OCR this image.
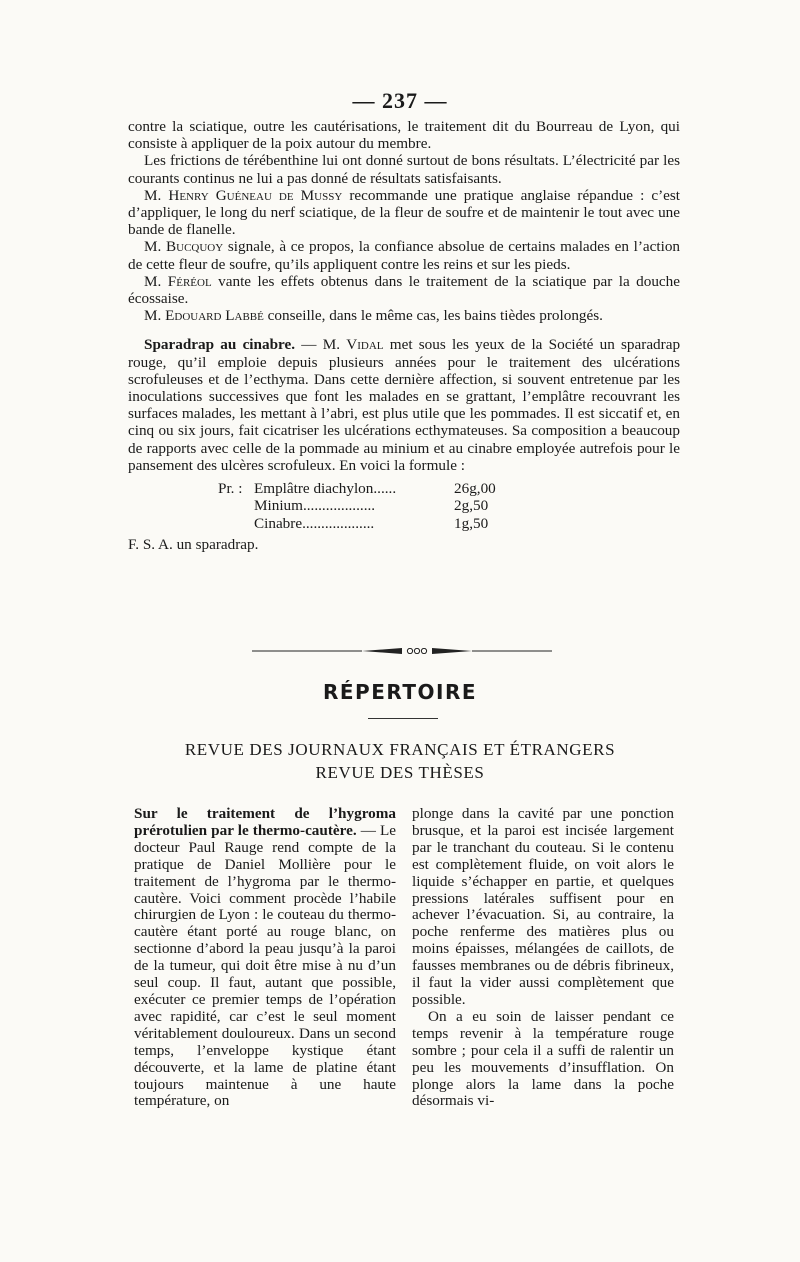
— 237 —

contre la sciatique, outre les cautérisations, le traitement dit du Bourreau de Lyon, qui consiste à appliquer de la poix autour du membre.

Les frictions de térébenthine lui ont donné surtout de bons résultats. L’électricité par les courants continus ne lui a pas donné de résultats satisfaisants.

M. Henry Guéneau de Mussy recommande une pratique anglaise répandue : c’est d’appliquer, le long du nerf sciatique, de la fleur de soufre et de maintenir le tout avec une bande de flanelle.

M. Bucquoy signale, à ce propos, la confiance absolue de certains malades en l’action de cette fleur de soufre, qu’ils appliquent contre les reins et sur les pieds.

M. Féréol vante les effets obtenus dans le traitement de la sciatique par la douche écossaise.

M. Edouard Labbé conseille, dans le même cas, les bains tièdes prolongés.

Sparadrap au cinabre. — M. Vidal met sous les yeux de la Société un sparadrap rouge, qu’il emploie depuis plusieurs années pour le traitement des ulcérations scrofuleuses et de l’ecthyma. Dans cette dernière affection, si souvent entretenue par les inoculations successives que font les malades en se grattant, l’emplâtre recouvrant les surfaces malades, les mettant à l’abri, est plus utile que les pommades. Il est siccatif et, en cinq ou six jours, fait cicatriser les ulcérations ecthymateuses. Sa composition a beaucoup de rapports avec celle de la pommade au minium et au cinabre employée autrefois pour le pansement des ulcères scrofuleux. En voici la formule :

Pr. : Emplâtre diachylon......	26g,00
Minium...................	2g,50
Cinabre...................	1g,50

F. S. A. un sparadrap.

RÉPERTOIRE
REVUE DES JOURNAUX FRANÇAIS ET ÉTRANGERS
REVUE DES THÈSES

Sur le traitement de l’hygroma prérotulien par le thermo-cautère. — Le docteur Paul Rauge rend compte de la pratique de Daniel Mollière pour le traitement de l’hygroma par le thermo-cautère. Voici comment procède l’habile chirurgien de Lyon : le couteau du thermo-cautère étant porté au rouge blanc, on sectionne d’abord la peau jusqu’à la paroi de la tumeur, qui doit être mise à nu d’un seul coup. Il faut, autant que possible, exécuter ce premier temps de l’opération avec rapidité, car c’est le seul moment véritablement douloureux. Dans un second temps, l’enveloppe kystique étant découverte, et la lame de platine étant toujours maintenue à une haute température, on

plonge dans la cavité par une ponction brusque, et la paroi est incisée largement par le tranchant du couteau. Si le contenu est complètement fluide, on voit alors le liquide s’échapper en partie, et quelques pressions latérales suffisent pour en achever l’évacuation. Si, au contraire, la poche renferme des matières plus ou moins épaisses, mélangées de caillots, de fausses membranes ou de débris fibrineux, il faut la vider aussi complètement que possible.

On a eu soin de laisser pendant ce temps revenir à la température rouge sombre ; pour cela il a suffi de ralentir un peu les mouvements d’insufflation. On plonge alors la lame dans la poche désormais vi-
